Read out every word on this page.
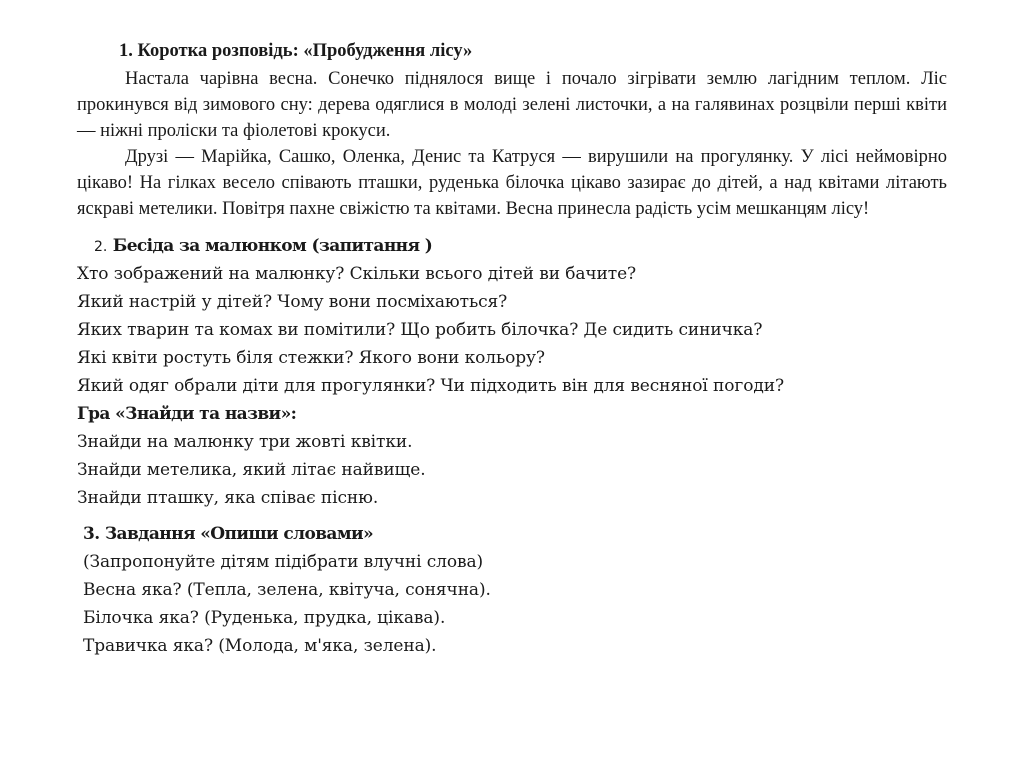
1. Коротка розповідь: «Пробудження лісу»

Настала чарівна весна. Сонечко піднялося вище і почало зігрівати землю лагідним теплом. Ліс прокинувся від зимового сну: дерева одяглися в молоді зелені листочки, а на галявинах розцвіли перші квіти — ніжні проліски та фіолетові крокуси.

Друзі — Марійка, Сашко, Оленка, Денис та Катруся — вирушили на прогулянку. У лісі неймовірно цікаво! На гілках весело співають пташки, руденька білочка цікаво зазирає до дітей, а над квітами літають яскраві метелики. Повітря пахне свіжістю та квітами. Весна принесла радість усім мешканцям лісу!

2. Бесіда за малюнком (запитання )
Хто зображений на малюнку? Скільки всього дітей ви бачите?
Який настрій у дітей? Чому вони посміхаються?
Яких тварин та комах ви помітили? Що робить білочка? Де сидить синичка?
Які квіти ростуть біля стежки? Якого вони кольору?
Який одяг обрали діти для прогулянки? Чи підходить він для весняної погоди?
Гра «Знайди та назви»:
Знайди на малюнку три жовті квітки.
Знайди метелика, який літає найвище.
Знайди пташку, яка співає пісню.
3. Завдання «Опиши словами»
(Запропонуйте дітям підібрати влучні слова)
Весна яка? (Тепла, зелена, квітуча, сонячна).
Білочка яка? (Руденька, прудка, цікава).
Травичка яка? (Молода, м'яка, зелена).
